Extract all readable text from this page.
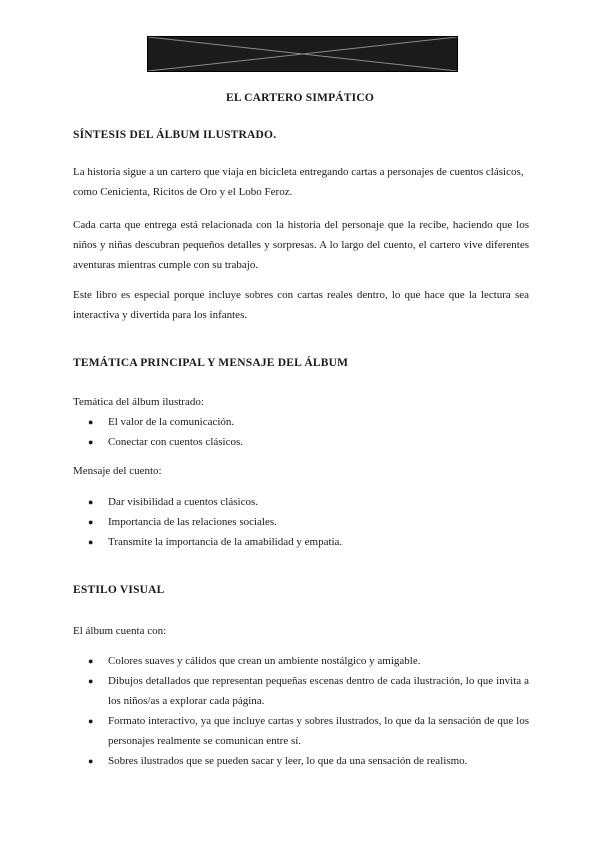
EL CARTERO SIMPÁTICO
SÍNTESIS DEL ÁLBUM ILUSTRADO.
La historia sigue a un cartero que viaja en bicicleta entregando cartas a personajes de cuentos clásicos, como Cenicienta, Ricitos de Oro y el Lobo Feroz.
Cada carta que entrega está relacionada con la historia del personaje que la recibe, haciendo que los niños y niñas descubran pequeños detalles y sorpresas. A lo largo del cuento, el cartero vive diferentes aventuras mientras cumple con su trabajo.
Este libro es especial porque incluye sobres con cartas reales dentro, lo que hace que la lectura sea interactiva y divertida para los infantes.
TEMÁTICA PRINCIPAL Y MENSAJE DEL ÁLBUM
Temática del álbum ilustrado:
● El valor de la comunicación.
● Conectar con cuentos clásicos.
Mensaje del cuento:
● Dar visibilidad a cuentos clásicos.
● Importancia de las relaciones sociales.
● Transmite la importancia de la amabilidad y empatía.
ESTILO VISUAL
El álbum cuenta con:
● Colores suaves y cálidos que crean un ambiente nostálgico y amigable.
● Dibujos detallados que representan pequeñas escenas dentro de cada ilustración, lo que invita a los niños/as a explorar cada página.
● Formato interactivo, ya que incluye cartas y sobres ilustrados, lo que da la sensación de que los personajes realmente se comunican entre sí.
● Sobres ilustrados que se pueden sacar y leer, lo que da una sensación de realismo.
